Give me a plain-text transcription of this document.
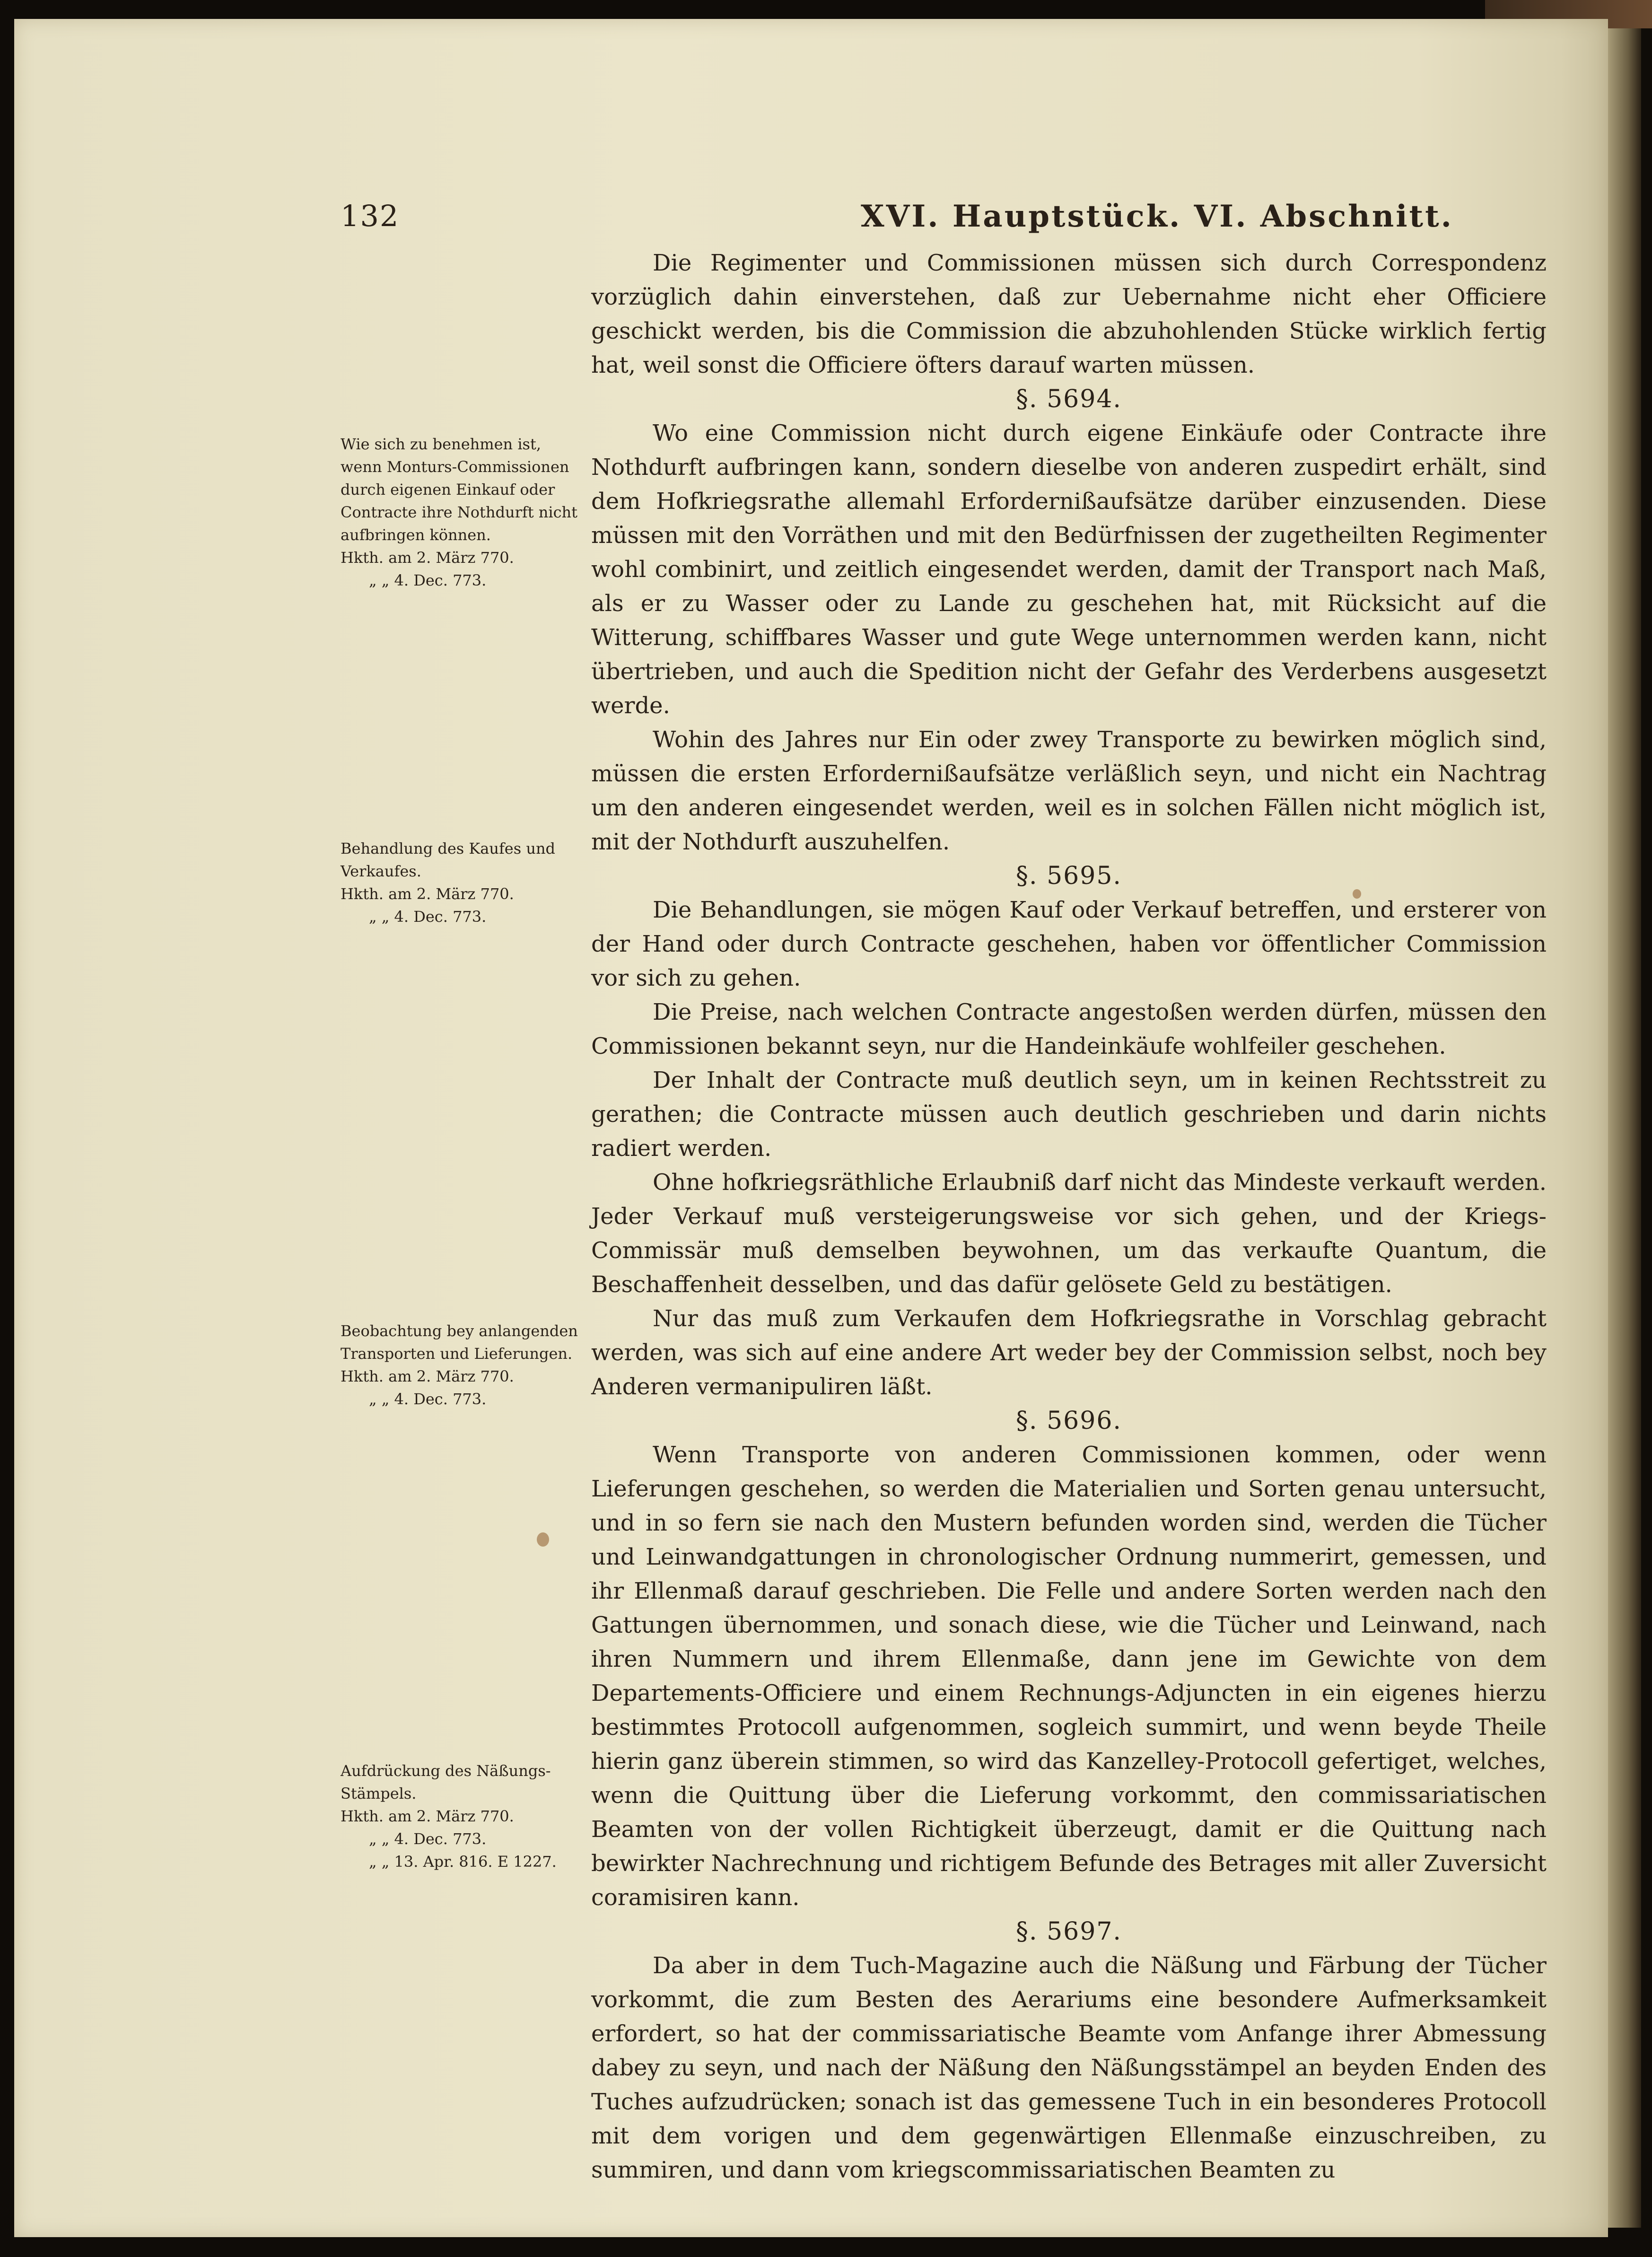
132	XVI. Hauptstück. VI. Abschnitt.
Wie sich zu benehmen ist, wenn Monturs-Commissionen durch eigenen Einkauf oder Contracte ihre Nothdurft nicht aufbringen können.
Hkth. am 2. März 770.
„ „ 4. Dec. 773.
Behandlung des Kaufes und Verkaufes.
Hkth. am 2. März 770.
„ „ 4. Dec. 773.
Beobachtung bey anlangenden Transporten und Lieferungen.
Hkth. am 2. März 770.
„ „ 4. Dec. 773.
Aufdrückung des Näßungs-Stämpels.
Hkth. am 2. März 770.
„ „ 4. Dec. 773.
„ „ 13. Apr. 816. E 1227.

Die Regimenter und Commissionen müssen sich durch Correspondenz vorzüglich dahin einverstehen, daß zur Uebernahme nicht eher Officiere geschickt werden, bis die Commission die abzuhohlenden Stücke wirklich fertig hat, weil sonst die Officiere öfters darauf warten müssen.

§. 5694.

Wo eine Commission nicht durch eigene Einkäufe oder Contracte ihre Nothdurft aufbringen kann, sondern dieselbe von anderen zuspedirt erhält, sind dem Hofkriegsrathe allemahl Erfordernißaufsätze darüber einzusenden. Diese müssen mit den Vorräthen und mit den Bedürfnissen der zugetheilten Regimenter wohl combinirt, und zeitlich eingesendet werden, damit der Transport nach Maß, als er zu Wasser oder zu Lande zu geschehen hat, mit Rücksicht auf die Witterung, schiffbares Wasser und gute Wege unternommen werden kann, nicht übertrieben, und auch die Spedition nicht der Gefahr des Verderbens ausgesetzt werde.

Wohin des Jahres nur Ein oder zwey Transporte zu bewirken möglich sind, müssen die ersten Erfordernißaufsätze verläßlich seyn, und nicht ein Nachtrag um den anderen eingesendet werden, weil es in solchen Fällen nicht möglich ist, mit der Nothdurft auszuhelfen.

§. 5695.

Die Behandlungen, sie mögen Kauf oder Verkauf betreffen, und ersterer von der Hand oder durch Contracte geschehen, haben vor öffentlicher Commission vor sich zu gehen.

Die Preise, nach welchen Contracte angestoßen werden dürfen, müssen den Commissionen bekannt seyn, nur die Handeinkäufe wohlfeiler geschehen.

Der Inhalt der Contracte muß deutlich seyn, um in keinen Rechtsstreit zu gerathen; die Contracte müssen auch deutlich geschrieben und darin nichts radiert werden.

Ohne hofkriegsräthliche Erlaubniß darf nicht das Mindeste verkauft werden. Jeder Verkauf muß versteigerungsweise vor sich gehen, und der Kriegs-Commissär muß demselben beywohnen, um das verkaufte Quantum, die Beschaffenheit desselben, und das dafür gelösete Geld zu bestätigen.

Nur das muß zum Verkaufen dem Hofkriegsrathe in Vorschlag gebracht werden, was sich auf eine andere Art weder bey der Commission selbst, noch bey Anderen vermanipuliren läßt.

§. 5696.

Wenn Transporte von anderen Commissionen kommen, oder wenn Lieferungen geschehen, so werden die Materialien und Sorten genau untersucht, und in so fern sie nach den Mustern befunden worden sind, werden die Tücher und Leinwandgattungen in chronologischer Ordnung nummerirt, gemessen, und ihr Ellenmaß darauf geschrieben. Die Felle und andere Sorten werden nach den Gattungen übernommen, und sonach diese, wie die Tücher und Leinwand, nach ihren Nummern und ihrem Ellenmaße, dann jene im Gewichte von dem Departements-Officiere und einem Rechnungs-Adjuncten in ein eigenes hierzu bestimmtes Protocoll aufgenommen, sogleich summirt, und wenn beyde Theile hierin ganz überein stimmen, so wird das Kanzelley-Protocoll gefertiget, welches, wenn die Quittung über die Lieferung vorkommt, den commissariatischen Beamten von der vollen Richtigkeit überzeugt, damit er die Quittung nach bewirkter Nachrechnung und richtigem Befunde des Betrages mit aller Zuversicht coramisiren kann.

§. 5697.

Da aber in dem Tuch-Magazine auch die Näßung und Färbung der Tücher vorkommt, die zum Besten des Aerariums eine besondere Aufmerksamkeit erfordert, so hat der commissariatische Beamte vom Anfange ihrer Abmessung dabey zu seyn, und nach der Näßung den Näßungsstämpel an beyden Enden des Tuches aufzudrücken; sonach ist das gemessene Tuch in ein besonderes Protocoll mit dem vorigen und dem gegenwärtigen Ellenmaße einzuschreiben, zu summiren, und dann vom kriegscommissariatischen Beamten zu
